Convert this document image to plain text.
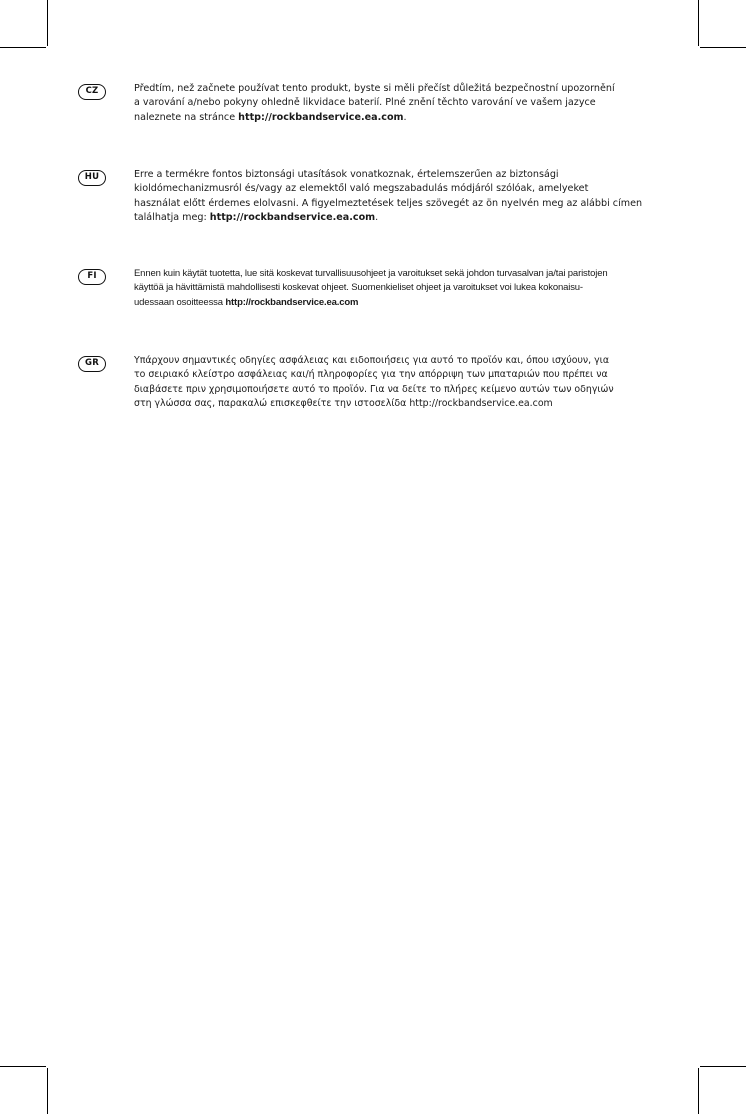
CZ	Předtím, než začnete používat tento produkt, byste si měli přečíst důležitá bezpečnostní upozornění
a varování a/nebo pokyny ohledně likvidace baterií. Plné znění těchto varování ve vašem jazyce
naleznete na stránce http://rockbandservice.ea.com.
HU	Erre a termékre fontos biztonsági utasítások vonatkoznak, értelemszerűen az biztonsági
kioldómechanizmusról és/vagy az elemektől való megszabadulás módjáról szólóak, amelyeket
használat előtt érdemes elolvasni. A figyelmeztetések teljes szövegét az ön nyelvén meg az alábbi címen
találhatja meg: http://rockbandservice.ea.com.
FI	Ennen kuin käytät tuotetta, lue sitä koskevat turvallisuusohjeet ja varoitukset sekä johdon turvasalvan ja/tai paristojen
käyttöä ja hävittämistä mahdollisesti koskevat ohjeet. Suomenkieliset ohjeet ja varoitukset voi lukea kokonaisu-
udessaan osoitteessa http://rockbandservice.ea.com
GR	Υπάρχουν σημαντικές οδηγίες ασφάλειας και ειδοποιήσεις για αυτό το προϊόν και, όπου ισχύουν, για
το σειριακό κλείστρο ασφάλειας και/ή πληροφορίες για την απόρριψη των μπαταριών που πρέπει να
διαβάσετε πριν χρησιμοποιήσετε αυτό το προϊόν. Για να δείτε το πλήρες κείμενο αυτών των οδηγιών
στη γλώσσα σας, παρακαλώ επισκεφθείτε την ιστοσελίδα http://rockbandservice.ea.com
